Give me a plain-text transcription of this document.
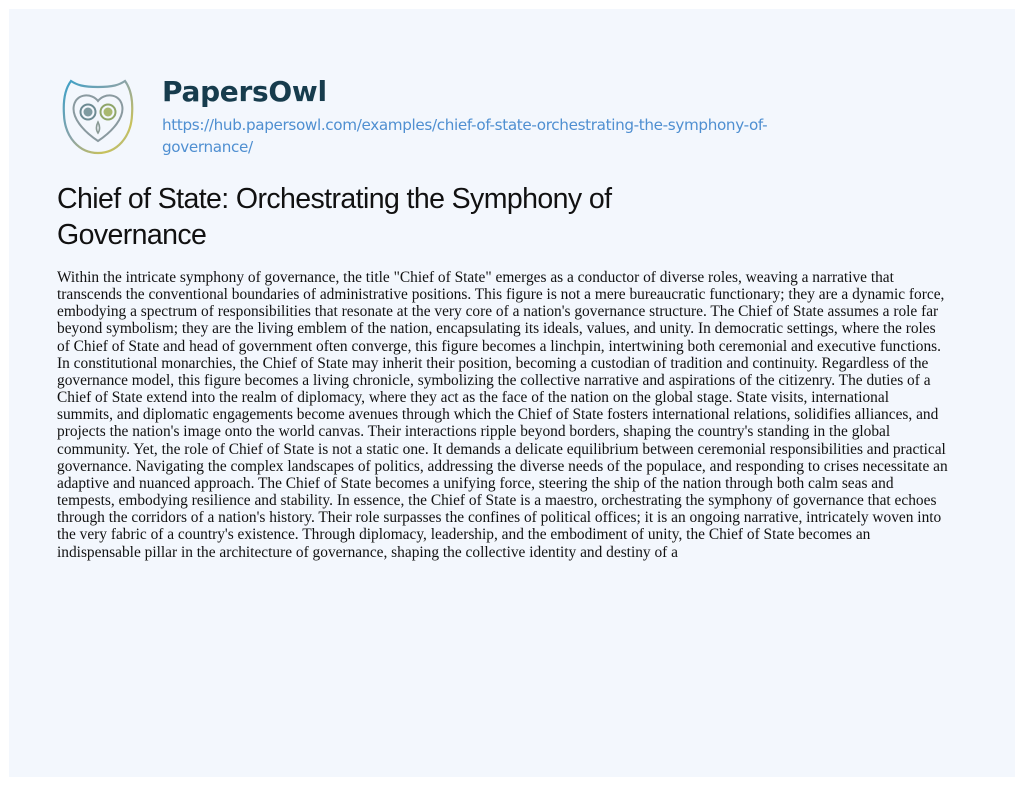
PapersOwl
https://hub.papersowl.com/examples/chief-of-state-orchestrating-the-symphony-of-
governance/
Chief of State: Orchestrating the Symphony of
Governance
Within the intricate symphony of governance, the title "Chief of State" emerges as a conductor of diverse roles, weaving a narrative that
transcends the conventional boundaries of administrative positions. This figure is not a mere bureaucratic functionary; they are a dynamic force,
embodying a spectrum of responsibilities that resonate at the very core of a nation's governance structure. The Chief of State assumes a role far
beyond symbolism; they are the living emblem of the nation, encapsulating its ideals, values, and unity. In democratic settings, where the roles
of Chief of State and head of government often converge, this figure becomes a linchpin, intertwining both ceremonial and executive functions.
In constitutional monarchies, the Chief of State may inherit their position, becoming a custodian of tradition and continuity. Regardless of the
governance model, this figure becomes a living chronicle, symbolizing the collective narrative and aspirations of the citizenry. The duties of a
Chief of State extend into the realm of diplomacy, where they act as the face of the nation on the global stage. State visits, international
summits, and diplomatic engagements become avenues through which the Chief of State fosters international relations, solidifies alliances, and
projects the nation's image onto the world canvas. Their interactions ripple beyond borders, shaping the country's standing in the global
community. Yet, the role of Chief of State is not a static one. It demands a delicate equilibrium between ceremonial responsibilities and practical
governance. Navigating the complex landscapes of politics, addressing the diverse needs of the populace, and responding to crises necessitate an
adaptive and nuanced approach. The Chief of State becomes a unifying force, steering the ship of the nation through both calm seas and
tempests, embodying resilience and stability. In essence, the Chief of State is a maestro, orchestrating the symphony of governance that echoes
through the corridors of a nation's history. Their role surpasses the confines of political offices; it is an ongoing narrative, intricately woven into
the very fabric of a country's existence. Through diplomacy, leadership, and the embodiment of unity, the Chief of State becomes an
indispensable pillar in the architecture of governance, shaping the collective identity and destiny of a
